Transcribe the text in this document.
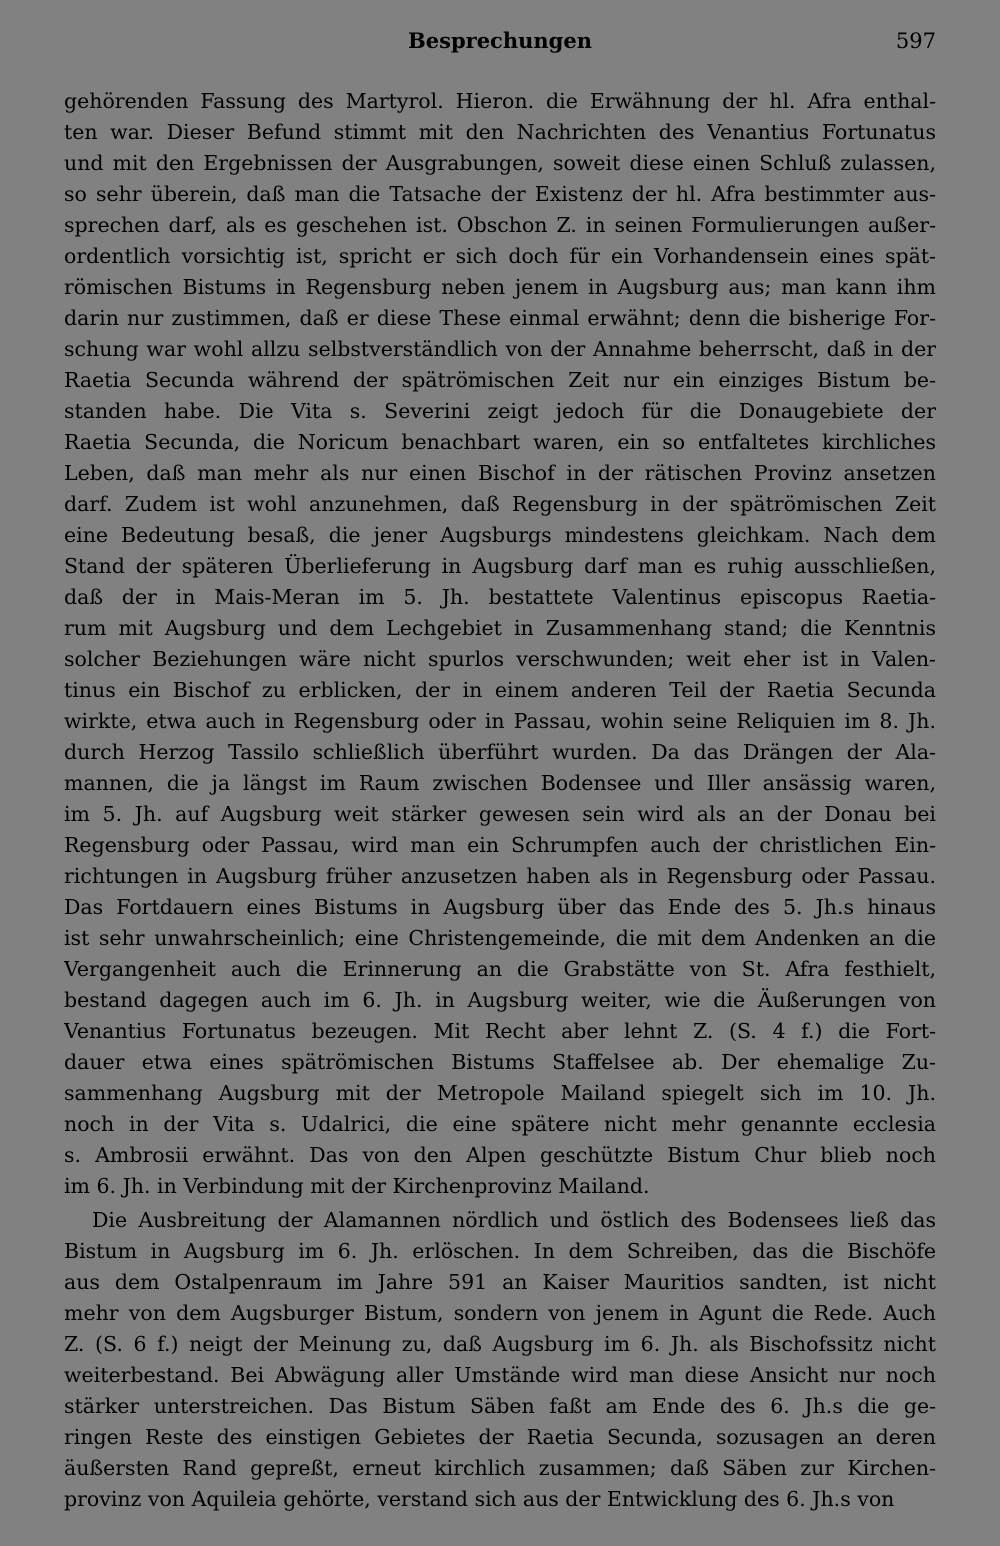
Besprechungen	597
gehörenden Fassung des Martyrol. Hieron. die Erwähnung der hl. Afra enthal-
ten war. Dieser Befund stimmt mit den Nachrichten des Venantius Fortunatus
und mit den Ergebnissen der Ausgrabungen, soweit diese einen Schluß zulassen,
so sehr überein, daß man die Tatsache der Existenz der hl. Afra bestimmter aus-
sprechen darf, als es geschehen ist. Obschon Z. in seinen Formulierungen außer-
ordentlich vorsichtig ist, spricht er sich doch für ein Vorhandensein eines spät-
römischen Bistums in Regensburg neben jenem in Augsburg aus; man kann ihm
darin nur zustimmen, daß er diese These einmal erwähnt; denn die bisherige For-
schung war wohl allzu selbstverständlich von der Annahme beherrscht, daß in der
Raetia Secunda während der spätrömischen Zeit nur ein einziges Bistum be-
standen habe. Die Vita s. Severini zeigt jedoch für die Donaugebiete der
Raetia Secunda, die Noricum benachbart waren, ein so entfaltetes kirchliches
Leben, daß man mehr als nur einen Bischof in der rätischen Provinz ansetzen
darf. Zudem ist wohl anzunehmen, daß Regensburg in der spätrömischen Zeit
eine Bedeutung besaß, die jener Augsburgs mindestens gleichkam. Nach dem
Stand der späteren Überlieferung in Augsburg darf man es ruhig ausschließen,
daß der in Mais-Meran im 5. Jh. bestattete Valentinus episcopus Raetia-
rum mit Augsburg und dem Lechgebiet in Zusammenhang stand; die Kenntnis
solcher Beziehungen wäre nicht spurlos verschwunden; weit eher ist in Valen-
tinus ein Bischof zu erblicken, der in einem anderen Teil der Raetia Secunda
wirkte, etwa auch in Regensburg oder in Passau, wohin seine Reliquien im 8. Jh.
durch Herzog Tassilo schließlich überführt wurden. Da das Drängen der Ala-
mannen, die ja längst im Raum zwischen Bodensee und Iller ansässig waren,
im 5. Jh. auf Augsburg weit stärker gewesen sein wird als an der Donau bei
Regensburg oder Passau, wird man ein Schrumpfen auch der christlichen Ein-
richtungen in Augsburg früher anzusetzen haben als in Regensburg oder Passau.
Das Fortdauern eines Bistums in Augsburg über das Ende des 5. Jh.s hinaus
ist sehr unwahrscheinlich; eine Christengemeinde, die mit dem Andenken an die
Vergangenheit auch die Erinnerung an die Grabstätte von St. Afra festhielt,
bestand dagegen auch im 6. Jh. in Augsburg weiter, wie die Äußerungen von
Venantius Fortunatus bezeugen. Mit Recht aber lehnt Z. (S. 4 f.) die Fort-
dauer etwa eines spätrömischen Bistums Staffelsee ab. Der ehemalige Zu-
sammenhang Augsburg mit der Metropole Mailand spiegelt sich im 10. Jh.
noch in der Vita s. Udalrici, die eine spätere nicht mehr genannte ecclesia
s. Ambrosii erwähnt. Das von den Alpen geschützte Bistum Chur blieb noch
im 6. Jh. in Verbindung mit der Kirchenprovinz Mailand.
Die Ausbreitung der Alamannen nördlich und östlich des Bodensees ließ das
Bistum in Augsburg im 6. Jh. erlöschen. In dem Schreiben, das die Bischöfe
aus dem Ostalpenraum im Jahre 591 an Kaiser Mauritios sandten, ist nicht
mehr von dem Augsburger Bistum, sondern von jenem in Agunt die Rede. Auch
Z. (S. 6 f.) neigt der Meinung zu, daß Augsburg im 6. Jh. als Bischofssitz nicht
weiterbestand. Bei Abwägung aller Umstände wird man diese Ansicht nur noch
stärker unterstreichen. Das Bistum Säben faßt am Ende des 6. Jh.s die ge-
ringen Reste des einstigen Gebietes der Raetia Secunda, sozusagen an deren
äußersten Rand gepreßt, erneut kirchlich zusammen; daß Säben zur Kirchen-
provinz von Aquileia gehörte, verstand sich aus der Entwicklung des 6. Jh.s von
